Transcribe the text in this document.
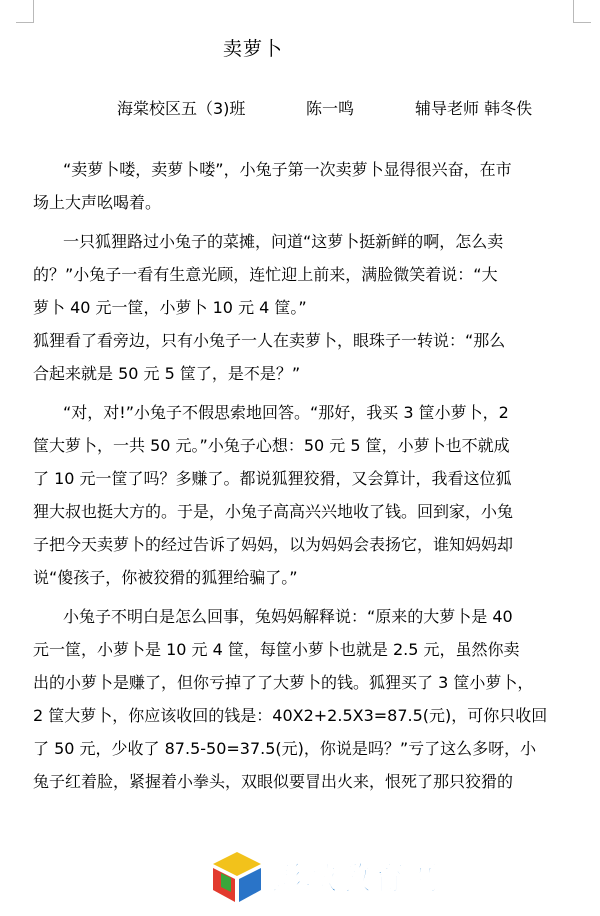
卖萝卜
海棠校区五（3)班	陈一鸣	辅导老师 韩冬佚
“卖萝卜喽，卖萝卜喽”，小兔子第一次卖萝卜显得很兴奋，在市
场上大声吆喝着。
一只狐狸路过小兔子的菜摊，问道“这萝卜挺新鲜的啊，怎么卖
的？”小兔子一看有生意光顾，连忙迎上前来，满脸微笑着说：“大
萝卜 40 元一筐，小萝卜 10 元 4 筐。”
狐狸看了看旁边，只有小兔子一人在卖萝卜，眼珠子一转说：“那么
合起来就是 50 元 5 筐了，是不是？”
“对，对!”小兔子不假思索地回答。“那好，我买 3 筐小萝卜，2
筐大萝卜，一共 50 元。”小兔子心想：50 元 5 筐，小萝卜也不就成
了 10 元一筐了吗？多赚了。都说狐狸狡猾，又会算计，我看这位狐
狸大叔也挺大方的。于是，小兔子高高兴兴地收了钱。回到家，小兔
子把今天卖萝卜的经过告诉了妈妈，以为妈妈会表扬它，谁知妈妈却
说“傻孩子，你被狡猾的狐狸给骗了。”
小兔子不明白是怎么回事，兔妈妈解释说：“原来的大萝卜是 40
元一筐，小萝卜是 10 元 4 筐，每筐小萝卜也就是 2.5 元，虽然你卖
出的小萝卜是赚了，但你亏掉了了大萝卜的钱。狐狸买了 3 筐小萝卜，
2 筐大萝卜，你应该收回的钱是：40X2+2.5X3=87.5(元)，可你只收回
了 50 元，少收了 87.5-50=37.5(元)，你说是吗？”亏了这么多呀，小
兔子红着脸，紧握着小拳头，双眼似要冒出火来，恨死了那只狡猾的
彭城教育网
